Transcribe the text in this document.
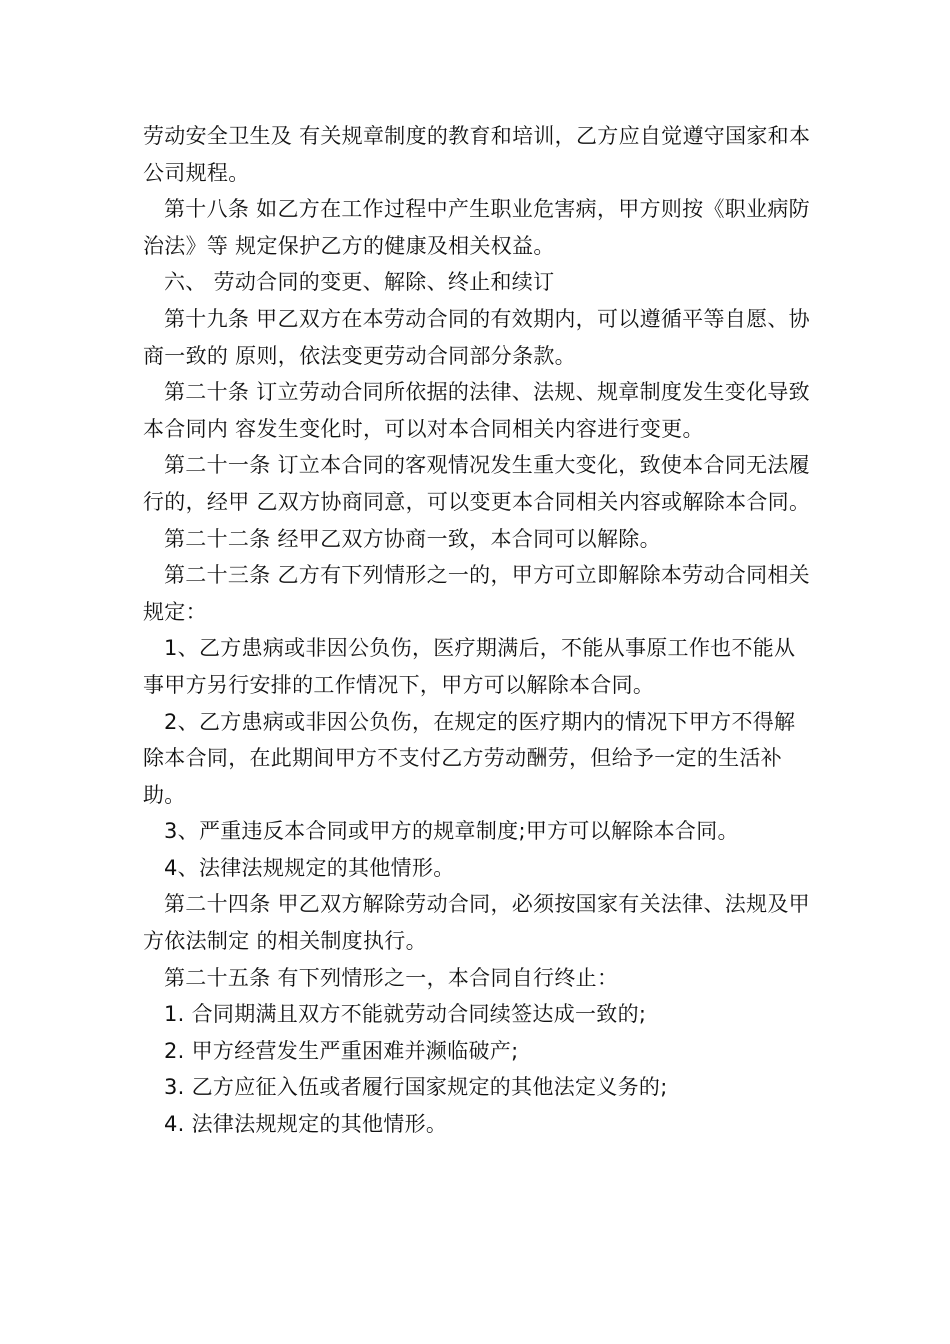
劳动安全卫生及 有关规章制度的教育和培训，乙方应自觉遵守国家和本公司规程。

第十八条 如乙方在工作过程中产生职业危害病，甲方则按《职业病防治法》等 规定保护乙方的健康及相关权益。

六、 劳动合同的变更、解除、终止和续订

第十九条 甲乙双方在本劳动合同的有效期内，可以遵循平等自愿、协商一致的 原则，依法变更劳动合同部分条款。

第二十条 订立劳动合同所依据的法律、法规、规章制度发生变化导致本合同内 容发生变化时，可以对本合同相关内容进行变更。

第二十一条 订立本合同的客观情况发生重大变化，致使本合同无法履行的，经甲 乙双方协商同意，可以变更本合同相关内容或解除本合同。

第二十二条 经甲乙双方协商一致，本合同可以解除。

第二十三条 乙方有下列情形之一的，甲方可立即解除本劳动合同相关规定：

1、乙方患病或非因公负伤，医疗期满后，不能从事原工作也不能从事甲方另行安排的工作情况下，甲方可以解除本合同。

2、乙方患病或非因公负伤，在规定的医疗期内的情况下甲方不得解除本合同，在此期间甲方不支付乙方劳动酬劳，但给予一定的生活补助。

3、严重违反本合同或甲方的规章制度;甲方可以解除本合同。

4、法律法规规定的其他情形。

第二十四条 甲乙双方解除劳动合同，必须按国家有关法律、法规及甲方依法制定 的相关制度执行。

第二十五条 有下列情形之一，本合同自行终止：

1. 合同期满且双方不能就劳动合同续签达成一致的;

2. 甲方经营发生严重困难并濒临破产;

3. 乙方应征入伍或者履行国家规定的其他法定义务的;

4. 法律法规规定的其他情形。
